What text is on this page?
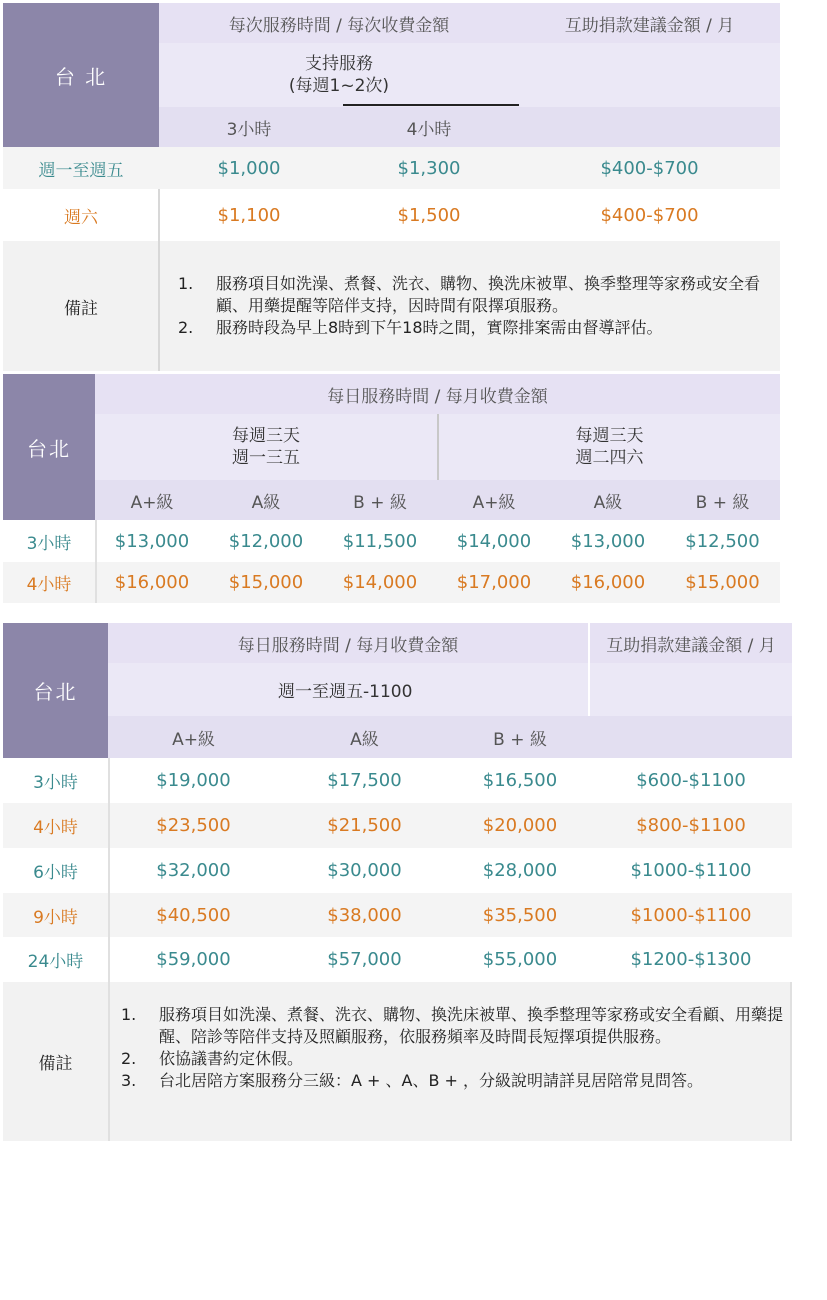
台 北
每次服務時間 / 每次收費金額	互助捐款建議金額 / 月
支持服務
(每週1~2次)
3小時	4小時
週一至週五	$1,000	$1,300	$400-$700
週六	$1,100	$1,500	$400-$700
備註
1. 服務項目如洗澡、煮餐、洗衣、購物、換洗床被單、換季整理等家務或安全看顧、用藥提醒等陪伴支持，因時間有限擇項服務。
2. 服務時段為早上8時到下午18時之間，實際排案需由督導評估。
台北
每日服務時間 / 每月收費金額
每週三天
週一三五
每週三天
週二四六
A+級	A級	B + 級	A+級	A級	B + 級
3小時	$13,000	$12,000	$11,500	$14,000	$13,000	$12,500
4小時	$16,000	$15,000	$14,000	$17,000	$16,000	$15,000
台北
每日服務時間 / 每月收費金額	互助捐款建議金額 / 月
週一至週五-1100
A+級	A級	B + 級
3小時	$19,000	$17,500	$16,500	$600-$1100
4小時	$23,500	$21,500	$20,000	$800-$1100
6小時	$32,000	$30,000	$28,000	$1000-$1100
9小時	$40,500	$38,000	$35,500	$1000-$1100
24小時	$59,000	$57,000	$55,000	$1200-$1300
備註
1. 服務項目如洗澡、煮餐、洗衣、購物、換洗床被單、換季整理等家務或安全看顧、用藥提醒、陪診等陪伴支持及照顧服務，依服務頻率及時間長短擇項提供服務。
2. 依協議書約定休假。
3. 台北居陪方案服務分三級：A + 、A、B + ，分級說明請詳見居陪常見問答。
